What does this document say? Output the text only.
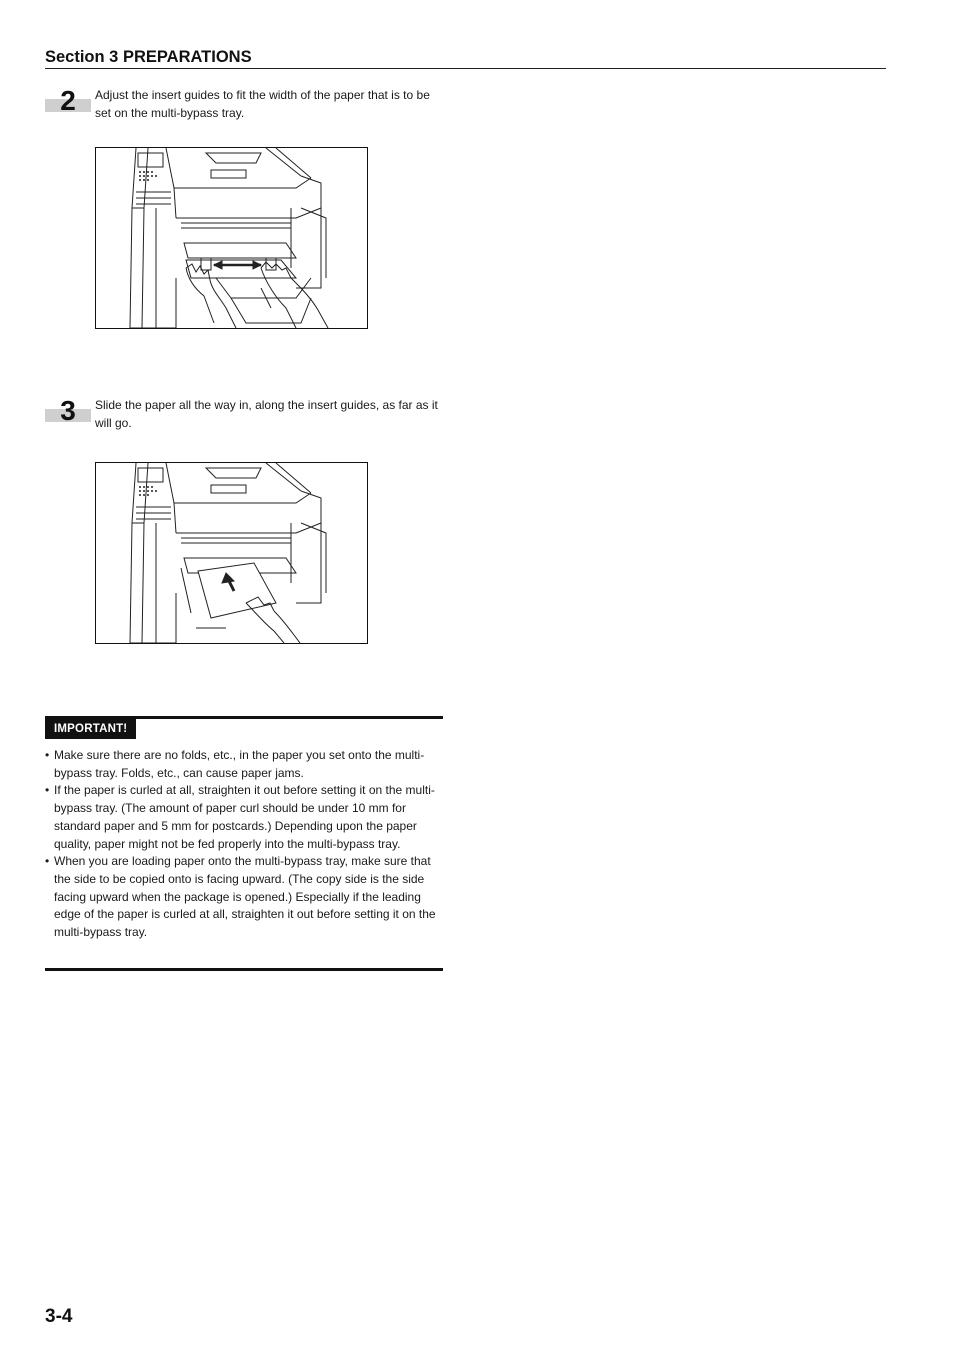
Section 3 PREPARATIONS
2	Adjust the insert guides to fit the width of the paper that is to be set on the multi-bypass tray.
3	Slide the paper all the way in, along the insert guides, as far as it will go.
IMPORTANT!
• Make sure there are no folds, etc., in the paper you set onto the multi-bypass tray. Folds, etc., can cause paper jams.
• If the paper is curled at all, straighten it out before setting it on the multi-bypass tray. (The amount of paper curl should be under 10 mm for standard paper and 5 mm for postcards.) Depending upon the paper quality, paper might not be fed properly into the multi-bypass tray.
• When you are loading paper onto the multi-bypass tray, make sure that the side to be copied onto is facing upward. (The copy side is the side facing upward when the package is opened.) Especially if the leading edge of the paper is curled at all, straighten it out before setting it on the multi-bypass tray.
3-4
